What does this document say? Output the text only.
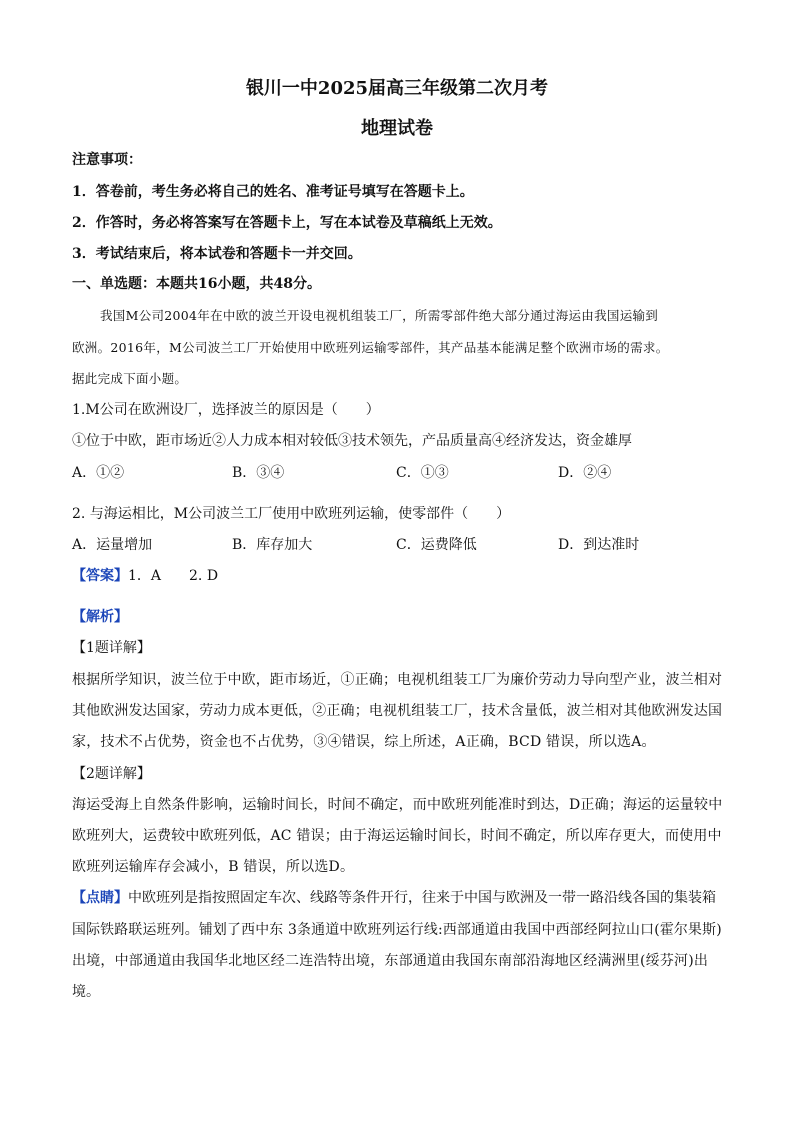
银川一中2025届高三年级第二次月考
地理试卷
注意事项：
1．答卷前，考生务必将自己的姓名、准考证号填写在答题卡上。
2．作答时，务必将答案写在答题卡上，写在本试卷及草稿纸上无效。
3．考试结束后，将本试卷和答题卡一并交回。
一、单选题：本题共16小题，共48分。
我国M公司2004年在中欧的波兰开设电视机组装工厂，所需零部件绝大部分通过海运由我国运输到
欧洲。2016年，M公司波兰工厂开始使用中欧班列运输零部件，其产品基本能满足整个欧洲市场的需求。
据此完成下面小题。
1.M公司在欧洲设厂，选择波兰的原因是（　　）
①位于中欧，距市场近②人力成本相对较低③技术领先，产品质量高④经济发达，资金雄厚
A．①②	B．③④	C．①③	D．②④
2. 与海运相比，M公司波兰工厂使用中欧班列运输，使零部件（　　）
A．运量增加	B．库存加大	C．运费降低	D．到达准时
【答案】1．A　　2. D
【解析】
【1题详解】
根据所学知识，波兰位于中欧，距市场近，①正确；电视机组装工厂为廉价劳动力导向型产业，波兰相对
其他欧洲发达国家，劳动力成本更低，②正确；电视机组装工厂，技术含量低，波兰相对其他欧洲发达国
家，技术不占优势，资金也不占优势，③④错误，综上所述，A正确，BCD 错误，所以选A。
【2题详解】
海运受海上自然条件影响，运输时间长，时间不确定，而中欧班列能准时到达，D正确；海运的运量较中
欧班列大，运费较中欧班列低，AC 错误；由于海运运输时间长，时间不确定，所以库存更大，而使用中
欧班列运输库存会减小，B 错误，所以选D。
【点睛】中欧班列是指按照固定车次、线路等条件开行，往来于中国与欧洲及一带一路沿线各国的集装箱
国际铁路联运班列。铺划了西中东 3条通道中欧班列运行线:西部通道由我国中西部经阿拉山口(霍尔果斯)
出境，中部通道由我国华北地区经二连浩特出境，东部通道由我国东南部沿海地区经满洲里(绥芬河)出
境。
